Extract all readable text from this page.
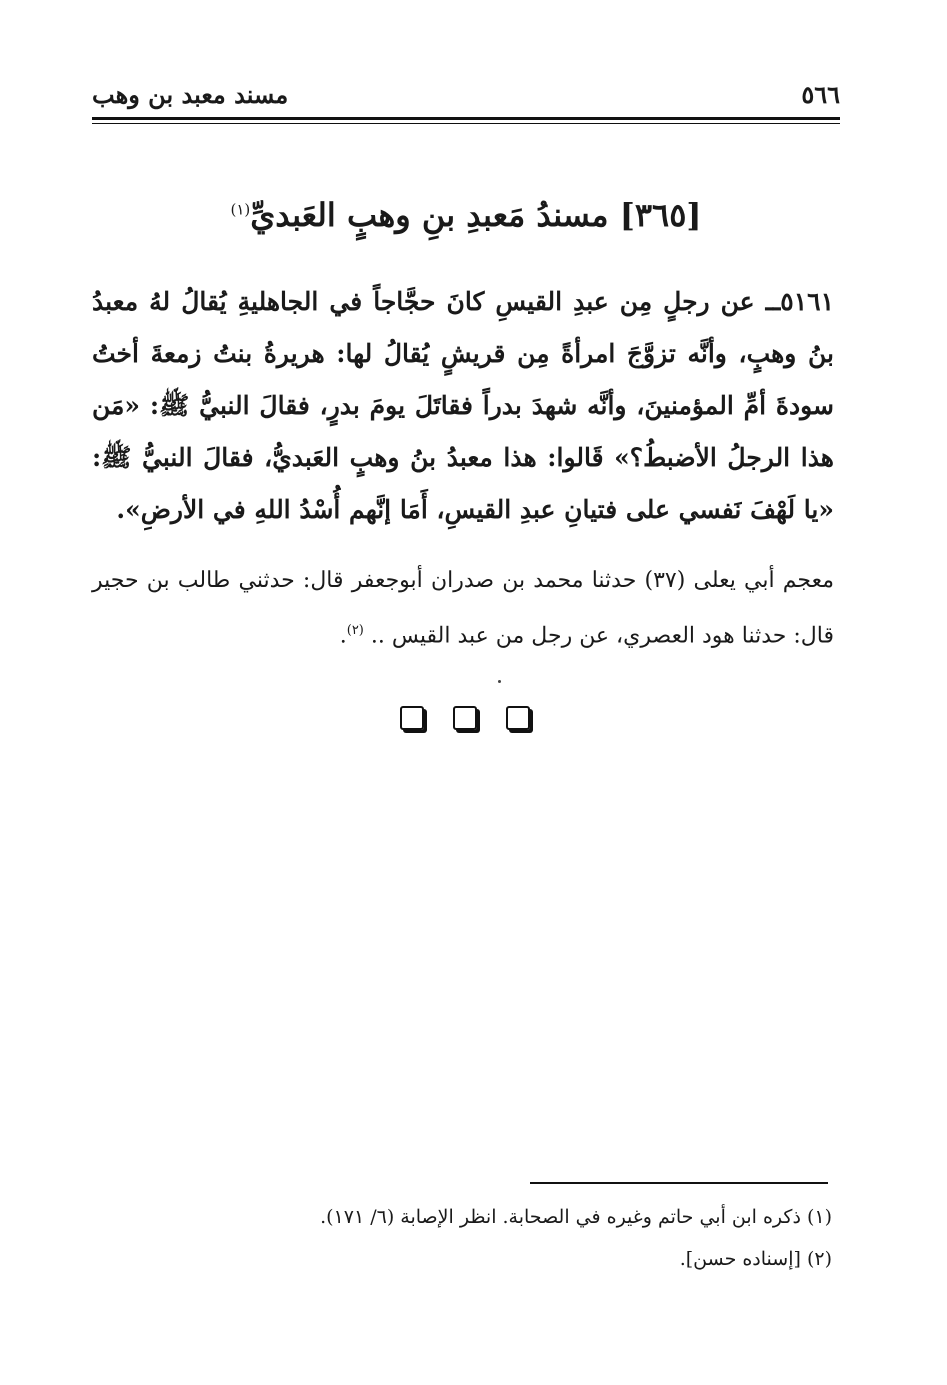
مسند معبد بن وهب	٥٦٦
[٣٦٥] مسندُ مَعبدِ بنِ وهبٍ العَبديِّ$^{(١)}$

٥١٦١ــ عن رجلٍ مِن عبدِ القيسِ كانَ حجَّاجاً في الجاهليةِ يُقالُ لهُ معبدُ بنُ وهبٍ، وأنَّه تزوَّجَ امرأةً مِن قريشٍ يُقالُ لها: هريرةُ بنتُ زمعةَ أختُ سودةَ أمِّ المؤمنينَ، وأنَّه شهدَ بدراً فقاتَلَ يومَ بدرٍ، فقالَ النبيُّ ﷺ: «مَن هذا الرجلُ الأضبطُ؟» قَالوا: هذا معبدُ بنُ وهبٍ العَبديُّ، فقالَ النبيُّ ﷺ: «يا لَهْفَ نَفسي على فتيانِ عبدِ القيسِ، أَمَا إنَّهم أُسْدُ اللهِ في الأرضِ».

معجم أبي يعلى (٣٧) حدثنا محمد بن صدران أبوجعفر قال: حدثني طالب بن حجير قال: حدثنا هود العصري، عن رجل من عبد القيس .. $^{(٢)}$.

(١) ذكره ابن أبي حاتم وغيره في الصحابة. انظر الإصابة (٦/ ١٧١).
(٢) [إسناده حسن].
